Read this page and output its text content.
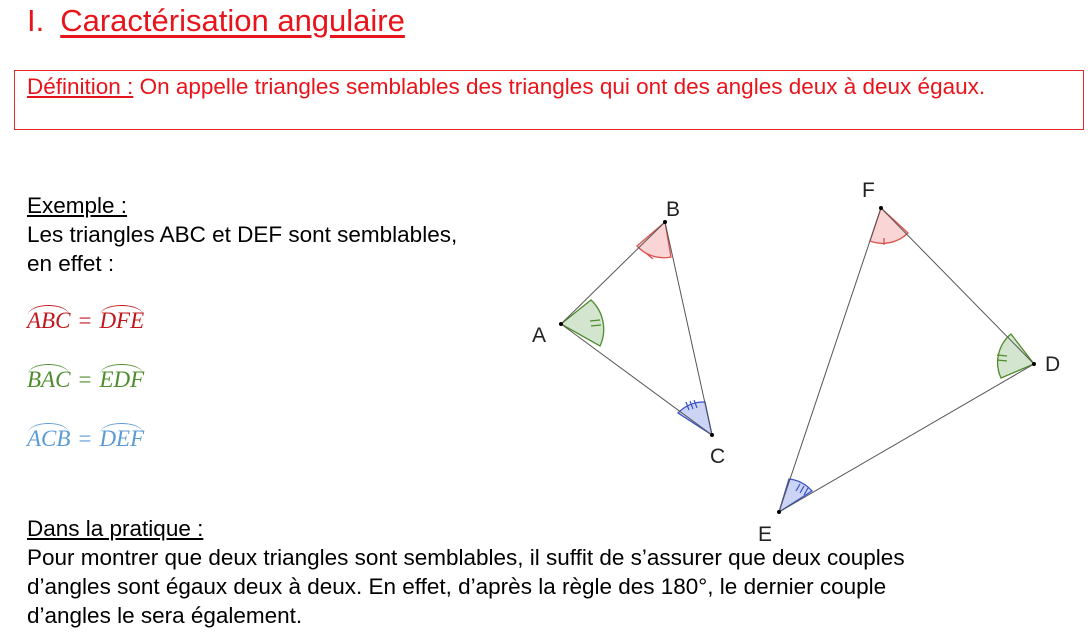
I. Caractérisation angulaire
Définition : On appelle triangles semblables des triangles qui ont des angles deux à deux égaux.
Exemple :
Les triangles ABC et DEF sont semblables,
en effet :
ABC = DFE
BAC = EDF
ACB = DEF
A
B
C
D
E
F
Dans la pratique :
Pour montrer que deux triangles sont semblables, il suffit de s’assurer que deux couples
d’angles sont égaux deux à deux. En effet, d’après la règle des 180°, le dernier couple
d’angles le sera également.
